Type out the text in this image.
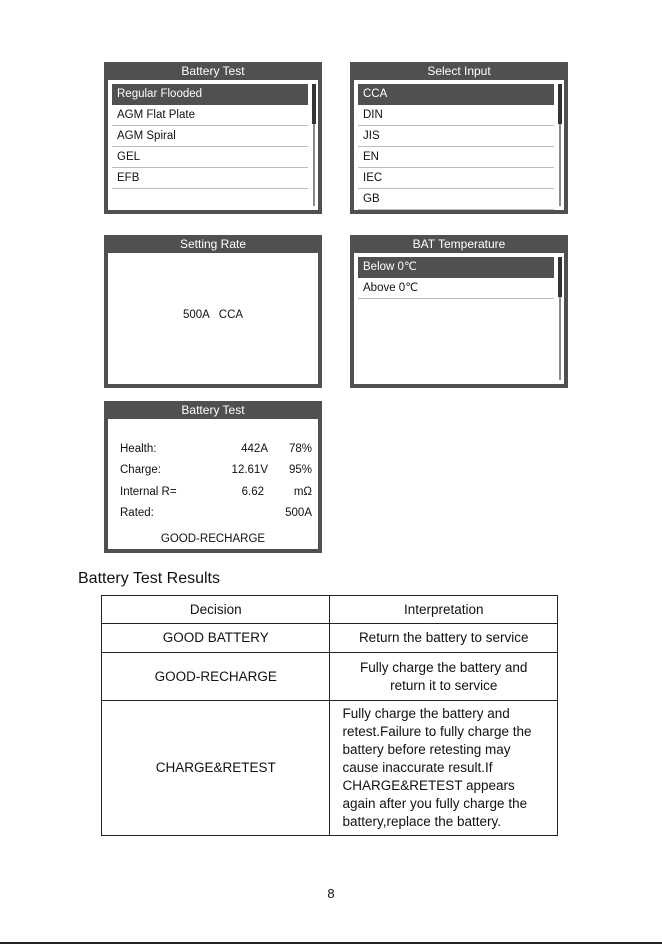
Battery Test
Regular Flooded
AGM Flat Plate
AGM Spiral
GEL
EFB
Select Input
CCA
DIN
JIS
EN
IEC
GB
Setting Rate
500A   CCA
BAT Temperature
Below 0℃
Above 0℃
Battery Test
Health:	442A 78%
Charge:	12.61V 95%
Internal R=	6.62	mΩ
Rated:	500A
GOOD-RECHARGE
Battery Test Results
Decision	Interpretation
GOOD BATTERY	Return the battery to service
GOOD-RECHARGE	Fully charge the battery and return it to service
CHARGE&RETEST	Fully charge the battery and retest.Failure to fully charge the battery before retesting may cause inaccurate result.If CHARGE&RETEST appears again after you fully charge the battery,replace the battery.
8
